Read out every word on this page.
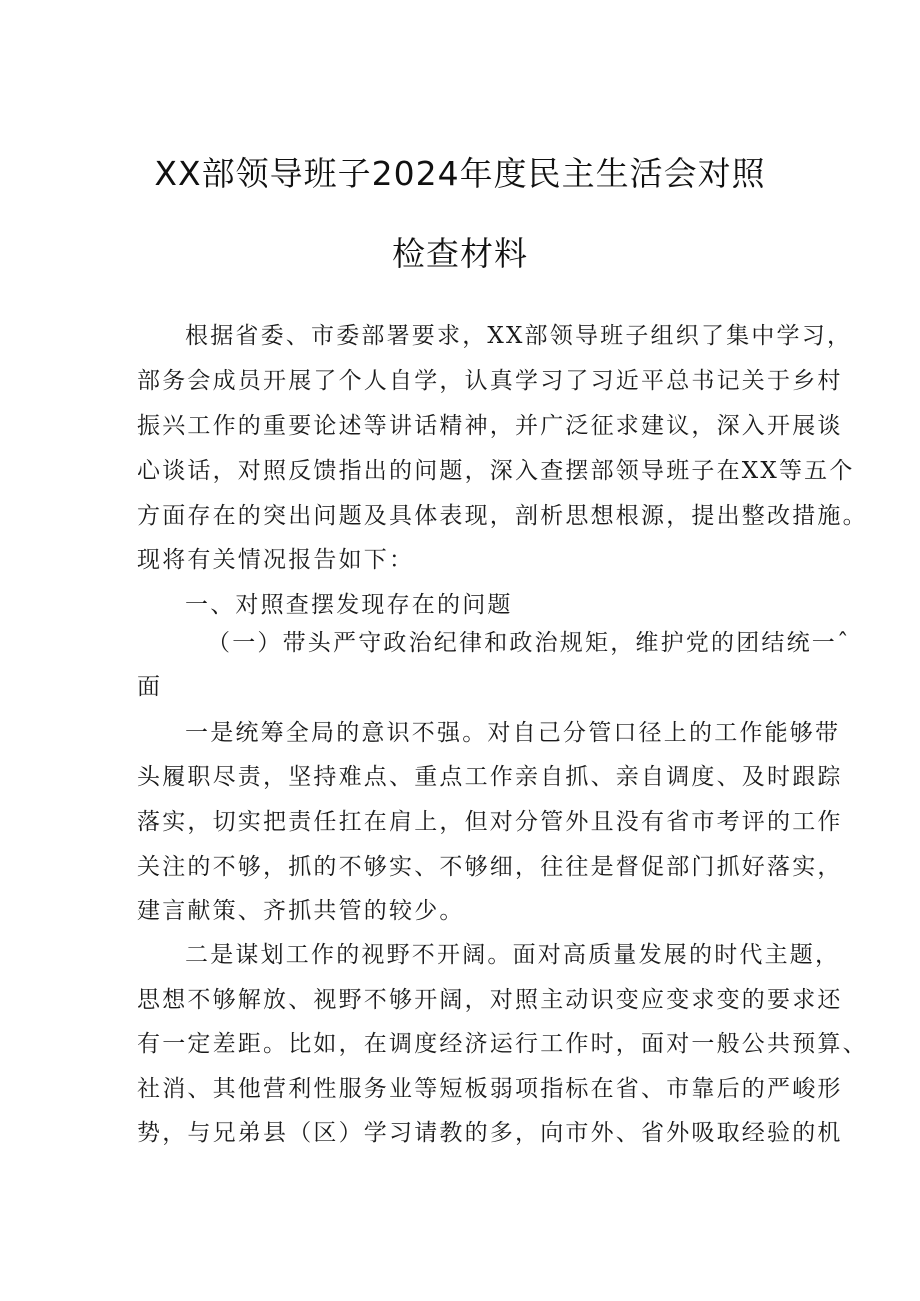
XX部领导班子2024年度民主生活会对照
检查材料
根据省委、市委部署要求，XX部领导班子组织了集中学习，
部务会成员开展了个人自学，认真学习了习近平总书记关于乡村
振兴工作的重要论述等讲话精神，并广泛征求建议，深入开展谈
心谈话，对照反馈指出的问题，深入查摆部领导班子在XX等五个
方面存在的突出问题及具体表现，剖析思想根源，提出整改措施。
现将有关情况报告如下：
一、对照查摆发现存在的问题
（一）带头严守政治纪律和政治规矩，维护党的团结统一ˆ
面
一是统筹全局的意识不强。对自己分管口径上的工作能够带
头履职尽责，坚持难点、重点工作亲自抓、亲自调度、及时跟踪
落实，切实把责任扛在肩上，但对分管外且没有省市考评的工作
关注的不够，抓的不够实、不够细，往往是督促部门抓好落实，
建言献策、齐抓共管的较少。
二是谋划工作的视野不开阔。面对高质量发展的时代主题，
思想不够解放、视野不够开阔，对照主动识变应变求变的要求还
有一定差距。比如，在调度经济运行工作时，面对一般公共预算、
社消、其他营利性服务业等短板弱项指标在省、市靠后的严峻形
势，与兄弟县（区）学习请教的多，向市外、省外吸取经验的机
